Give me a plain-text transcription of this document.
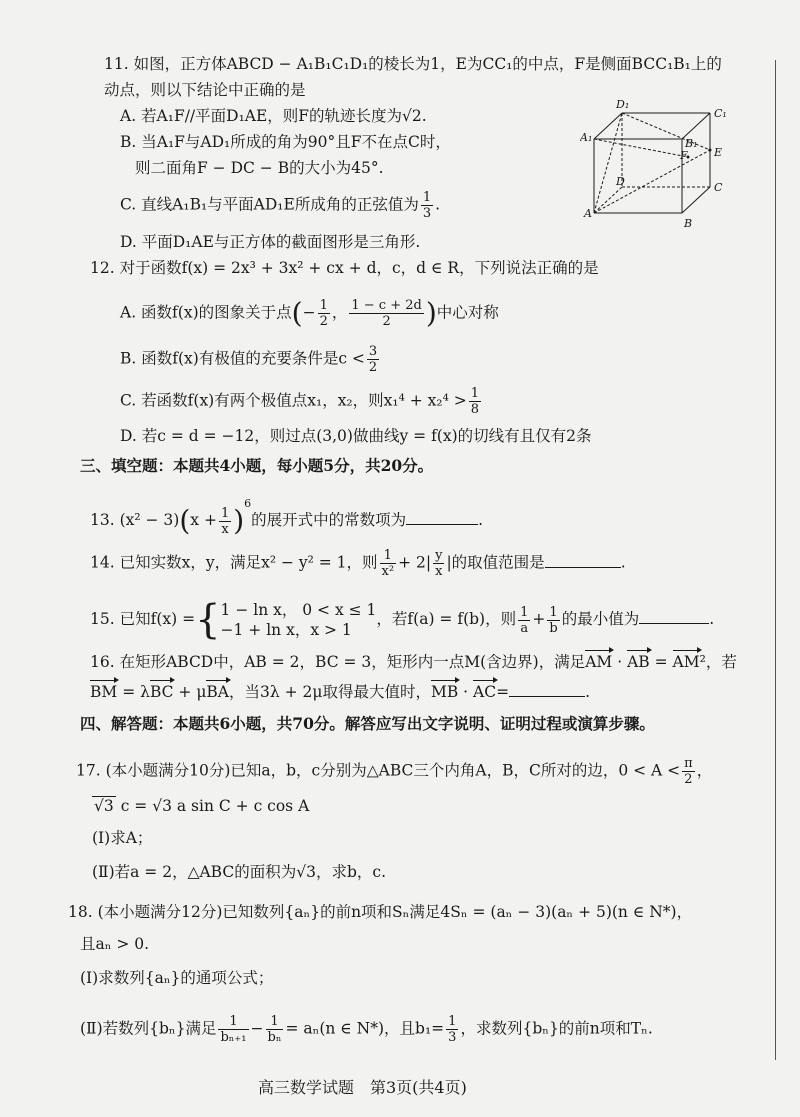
11. 如图，正方体ABCD − A₁B₁C₁D₁的棱长为1，E为CC₁的中点，F是侧面BCC₁B₁上的
动点，则以下结论中正确的是
A. 若A₁F//平面D₁AE，则F的轨迹长度为√2.
B. 当A₁F与AD₁所成的角为90°且F不在点C时，
则二面角F − DC − B的大小为45°.
C. 直线A₁B₁与平面AD₁E所成角的正弦值为 $\frac{1}{3}$ .
D. 平面D₁AE与正方体的截面图形是三角形.
D₁
C₁
A₁	B₁
F E
D	C
A
B
12. 对于函数f(x) = 2x³ + 3x² + cx + d，c，d ∈ R，下列说法正确的是
A. 函数f(x)的图象关于点(− $\frac{1}{2}$ ， $\frac{1 - c + 2d}{2}$ )中心对称
B. 函数f(x)有极值的充要条件是$c < \frac{3}{2}$
C. 若函数f(x)有两个极值点x₁，x₂，则$x_1^4 + x_2^4 > \frac{1}{8}$
D. 若c = d = −12，则过点(3,0)做曲线y = f(x)的切线有且仅有2条
三、填空题：本题共4小题，每小题5分，共20分。
13. $(x^2 - 3)(x + \frac{1}{x} )^6$的展开式中的常数项为	.
14. 已知实数x，y，满足x² − y² = 1，则 $\frac{1}{\text{x²}} + 2| \frac{y}{x}$ |的取值范围是	.
15. 已知f(x) ={ 1 − ln x， 0 < x ≤ 1
−1 + ln x，x > 1
，若f(a) = f(b)，则 $\frac{1}{a} + \frac{1}{b}$ 的最小值为	.
16. 在矩形ABCD中，AB = 2，BC = 3，矩形内一点M(含边界)，满足AM · AB = AM²，若
BM = λBC + μBA，当3λ + 2μ取得最大值时，MB · AC=	.
四、解答题：本题共6小题，共70分。解答应写出文字说明、证明过程或演算步骤。
17. (本小题满分10分)已知a，b，c分别为△ABC三个内角A，B，C所对的边，$0 < A < \frac{\pi}{2}$ ，
√3 c = √3 a sin C + c cos A
(Ⅰ)求A；
(Ⅱ)若a = 2，△ABC的面积为√3，求b，c.
18. (本小题满分12分)已知数列{aₙ}的前n项和Sₙ满足4Sₙ = (aₙ − 3)(aₙ + 5)(n ∈ N*)，
且aₙ > 0.
(Ⅰ)求数列{aₙ}的通项公式；
(Ⅱ)若数列{bₙ}满足 $\frac{1}{\text{bₙ₊₁}} - \frac{1}{\text{bₙ}} = a_n(n$ ∈ N*)，且$b_1= \frac{1}{3}$ ，求数列{bₙ}的前n项和Tₙ.
高三数学试题　第3页(共4页)
